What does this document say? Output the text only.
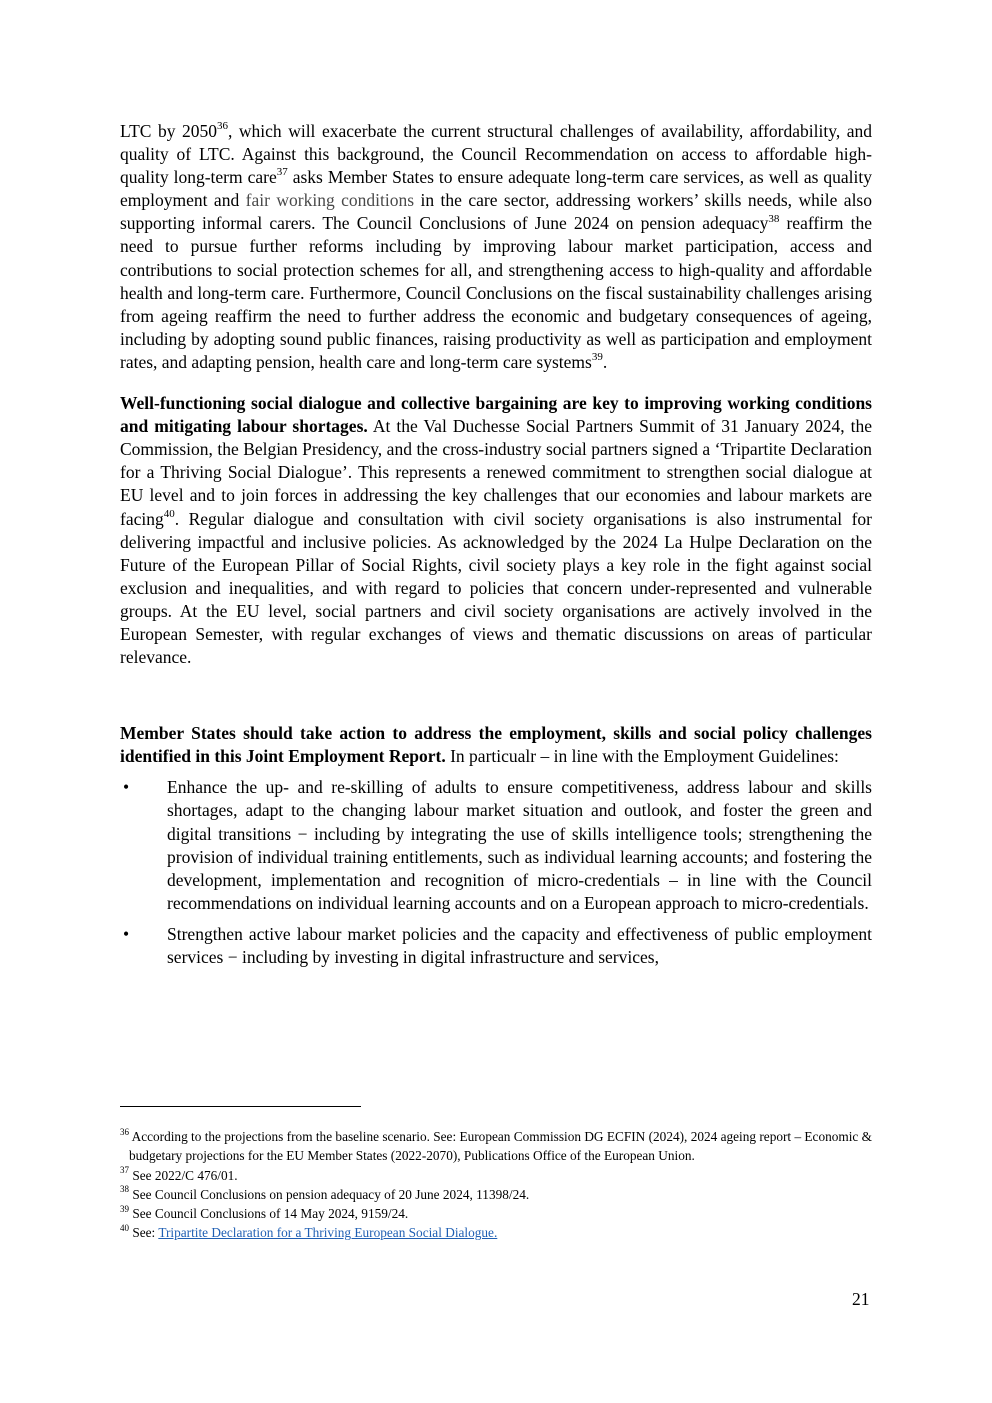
LTC by 2050$^{36}$, which will exacerbate the current structural challenges of availability, affordability, and quality of LTC. Against this background, the Council Recommendation on access to affordable high-quality long-term care$^{37}$ asks Member States to ensure adequate long-term care services, as well as quality employment and fair working conditions in the care sector, addressing workers’ skills needs, while also supporting informal carers. The Council Conclusions of June 2024 on pension adequacy$^{38}$ reaffirm the need to pursue further reforms including by improving labour market participation, access and contributions to social protection schemes for all, and strengthening access to high-quality and affordable health and long-term care. Furthermore, Council Conclusions on the fiscal sustainability challenges arising from ageing reaffirm the need to further address the economic and budgetary consequences of ageing, including by adopting sound public finances, raising productivity as well as participation and employment rates, and adapting pension, health care and long-term care systems$^{39}$.

Well-functioning social dialogue and collective bargaining are key to improving working conditions and mitigating labour shortages. At the Val Duchesse Social Partners Summit of 31 January 2024, the Commission, the Belgian Presidency, and the cross-industry social partners signed a ‘Tripartite Declaration for a Thriving Social Dialogue’. This represents a renewed commitment to strengthen social dialogue at EU level and to join forces in addressing the key challenges that our economies and labour markets are facing$^{40}$. Regular dialogue and consultation with civil society organisations is also instrumental for delivering impactful and inclusive policies. As acknowledged by the 2024 La Hulpe Declaration on the Future of the European Pillar of Social Rights, civil society plays a key role in the fight against social exclusion and inequalities, and with regard to policies that concern under-represented and vulnerable groups. At the EU level, social partners and civil society organisations are actively involved in the European Semester, with regular exchanges of views and thematic discussions on areas of particular relevance.

Member States should take action to address the employment, skills and social policy challenges identified in this Joint Employment Report. In particualr – in line with the Employment Guidelines:

• Enhance the up- and re-skilling of adults to ensure competitiveness, address labour and skills shortages, adapt to the changing labour market situation and outlook, and foster the green and digital transitions − including by integrating the use of skills intelligence tools; strengthening the provision of individual training entitlements, such as individual learning accounts; and fostering the development, implementation and recognition of micro-credentials – in line with the Council recommendations on individual learning accounts and on a European approach to micro-credentials.

• Strengthen active labour market policies and the capacity and effectiveness of public employment services − including by investing in digital infrastructure and services,

$^{36}$ According to the projections from the baseline scenario. See: European Commission DG ECFIN (2024), 2024 ageing report – Economic & budgetary projections for the EU Member States (2022-2070), Publications Office of the European Union.

$^{37}$ See 2022/C 476/01.

$^{38}$ See Council Conclusions on pension adequacy of 20 June 2024, 11398/24.

$^{39}$ See Council Conclusions of 14 May 2024, 9159/24.

$^{40}$ See: Tripartite Declaration for a Thriving European Social Dialogue.

21
